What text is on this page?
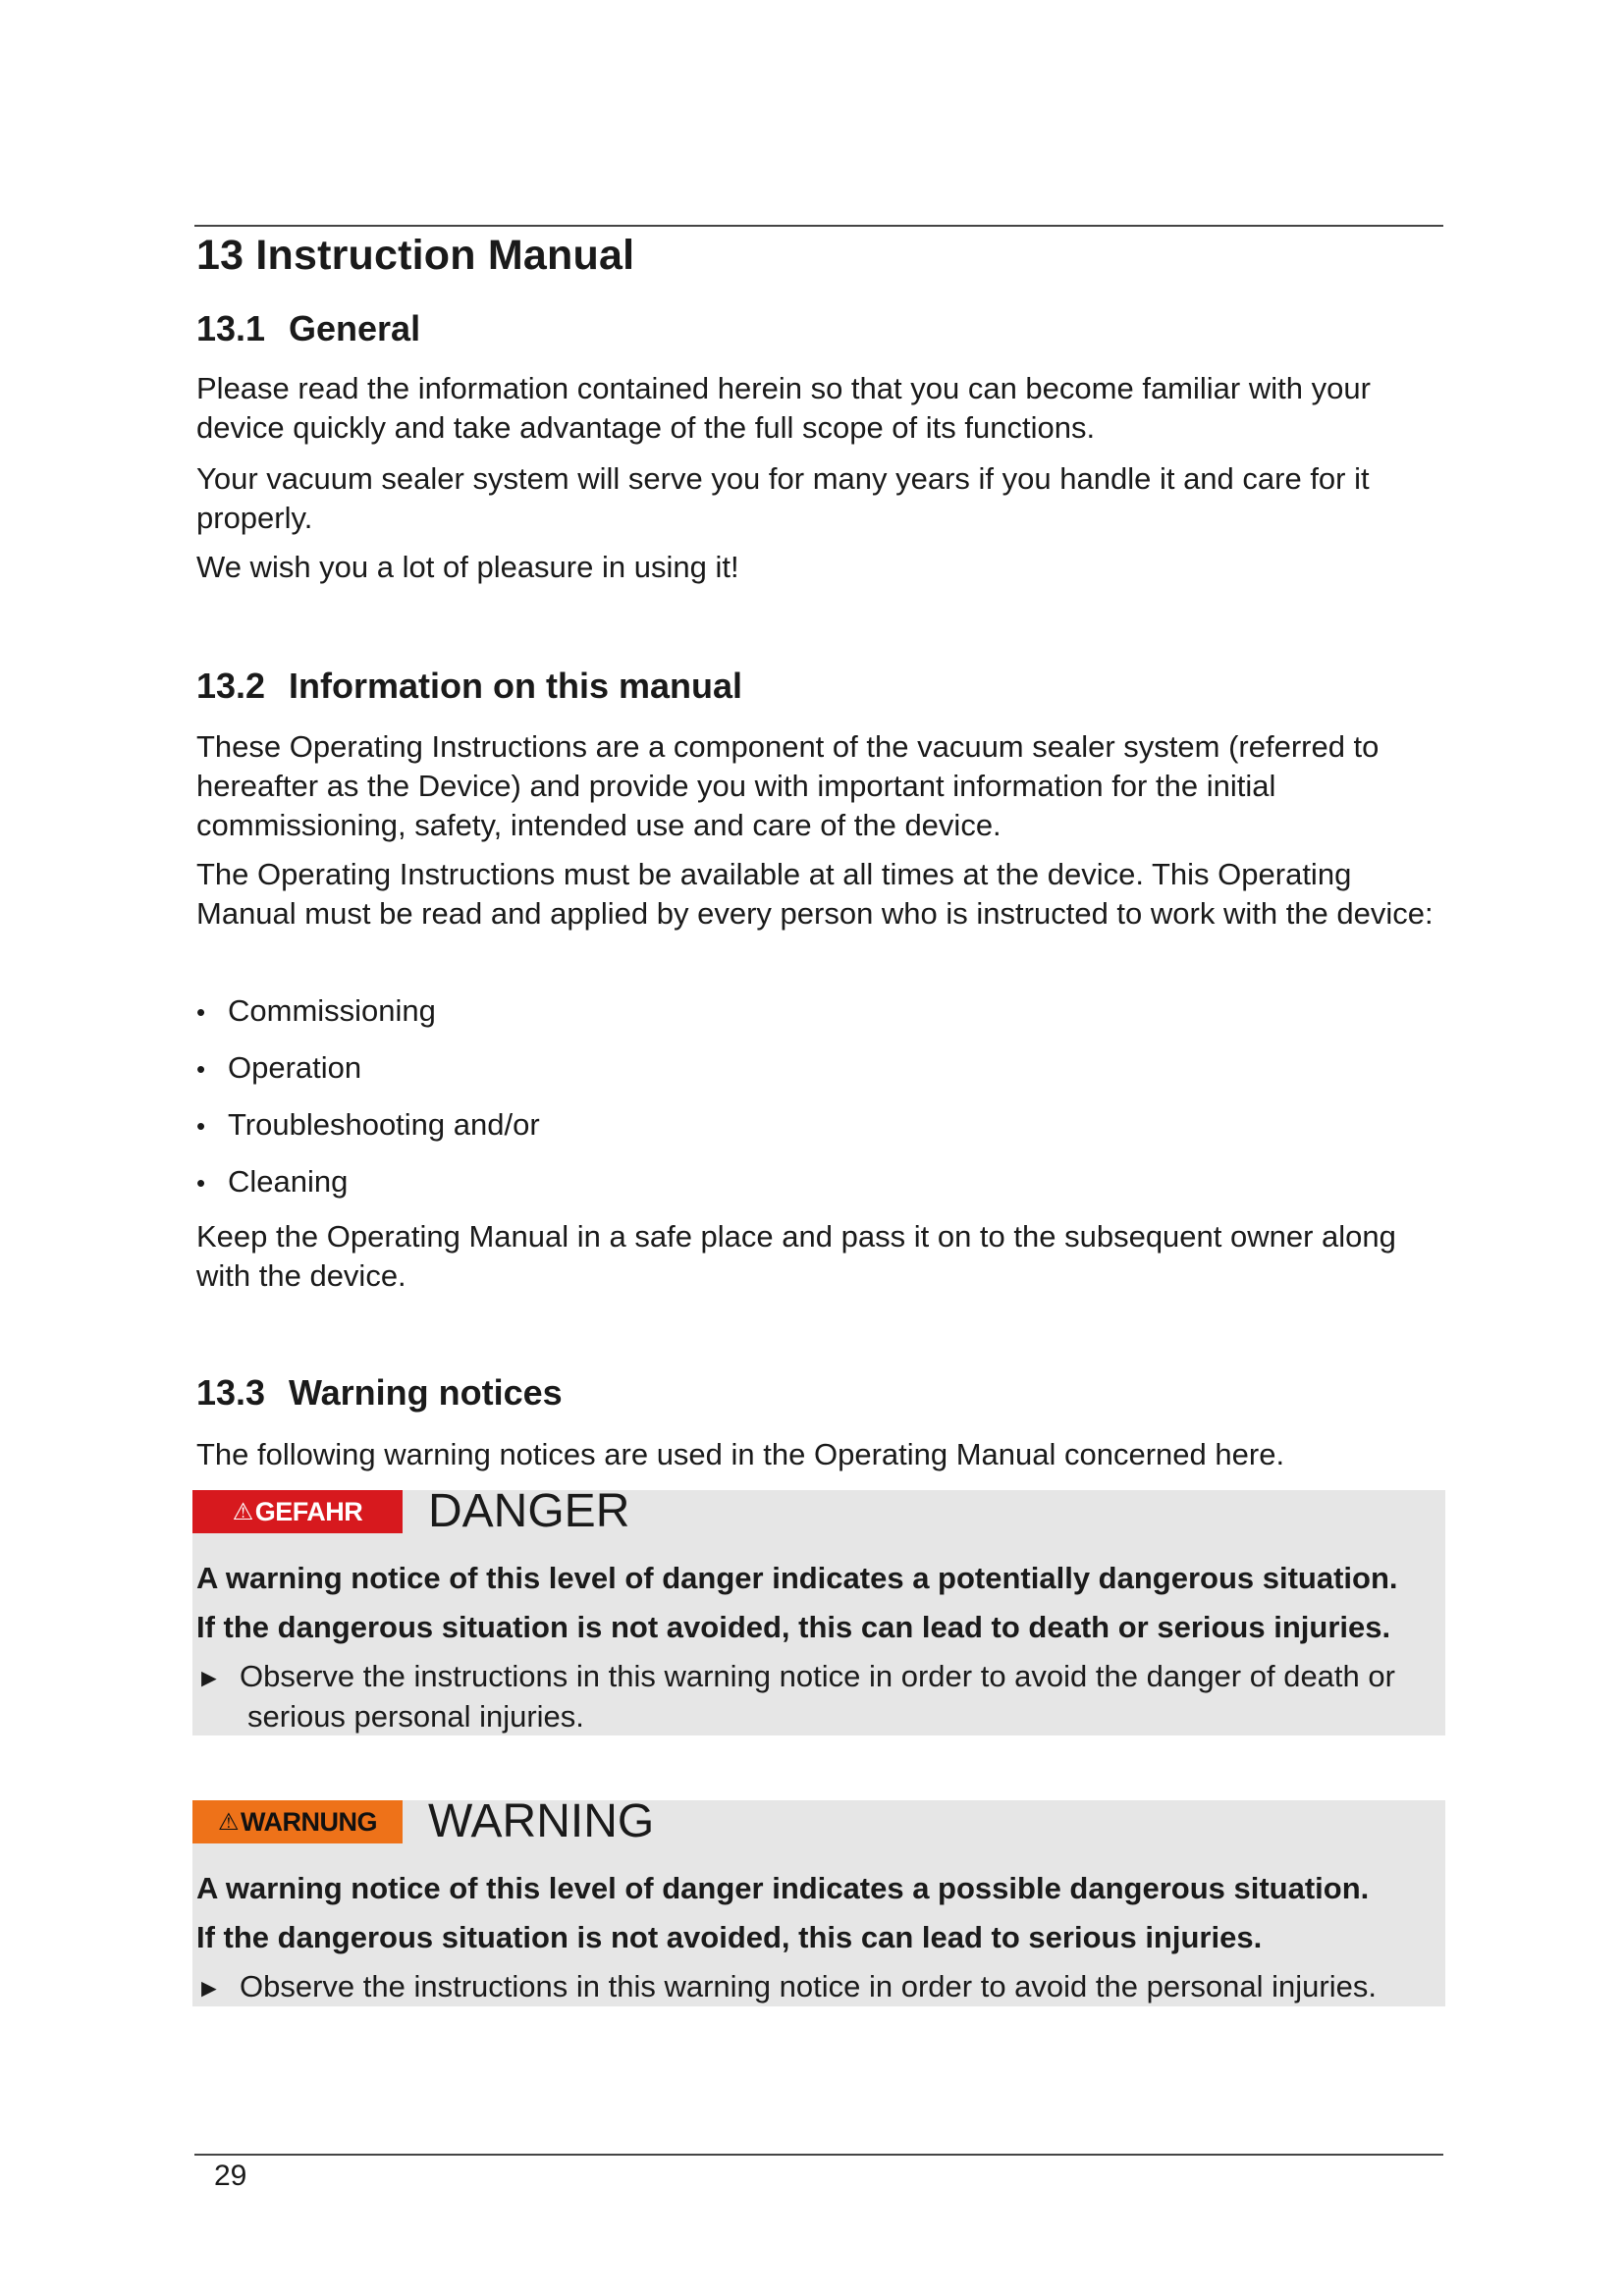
13 Instruction Manual
13.1 General

Please read the information contained herein so that you can become familiar with your device quickly and take advantage of the full scope of its functions.

Your vacuum sealer system will serve you for many years if you handle it and care for it properly.

We wish you a lot of pleasure in using it!

13.2 Information on this manual

These Operating Instructions are a component of the vacuum sealer system (referred to hereafter as the Device) and provide you with important information for the initial commissioning, safety, intended use and care of the device.

The Operating Instructions must be available at all times at the device. This Operating Manual must be read and applied by every person who is instructed to work with the device:

• Commissioning
• Operation
• Troubleshooting and/or
• Cleaning

Keep the Operating Manual in a safe place and pass it on to the subsequent owner along with the device.

13.3 Warning notices

The following warning notices are used in the Operating Manual concerned here.

⚠ GEFAHR DANGER
A warning notice of this level of danger indicates a potentially dangerous situation.
If the dangerous situation is not avoided, this can lead to death or serious injuries.
► Observe the instructions in this warning notice in order to avoid the danger of death or
serious personal injuries.
⚠ WARNUNG WARNING
A warning notice of this level of danger indicates a possible dangerous situation.
If the dangerous situation is not avoided, this can lead to serious injuries.
► Observe the instructions in this warning notice in order to avoid the personal injuries.
29
